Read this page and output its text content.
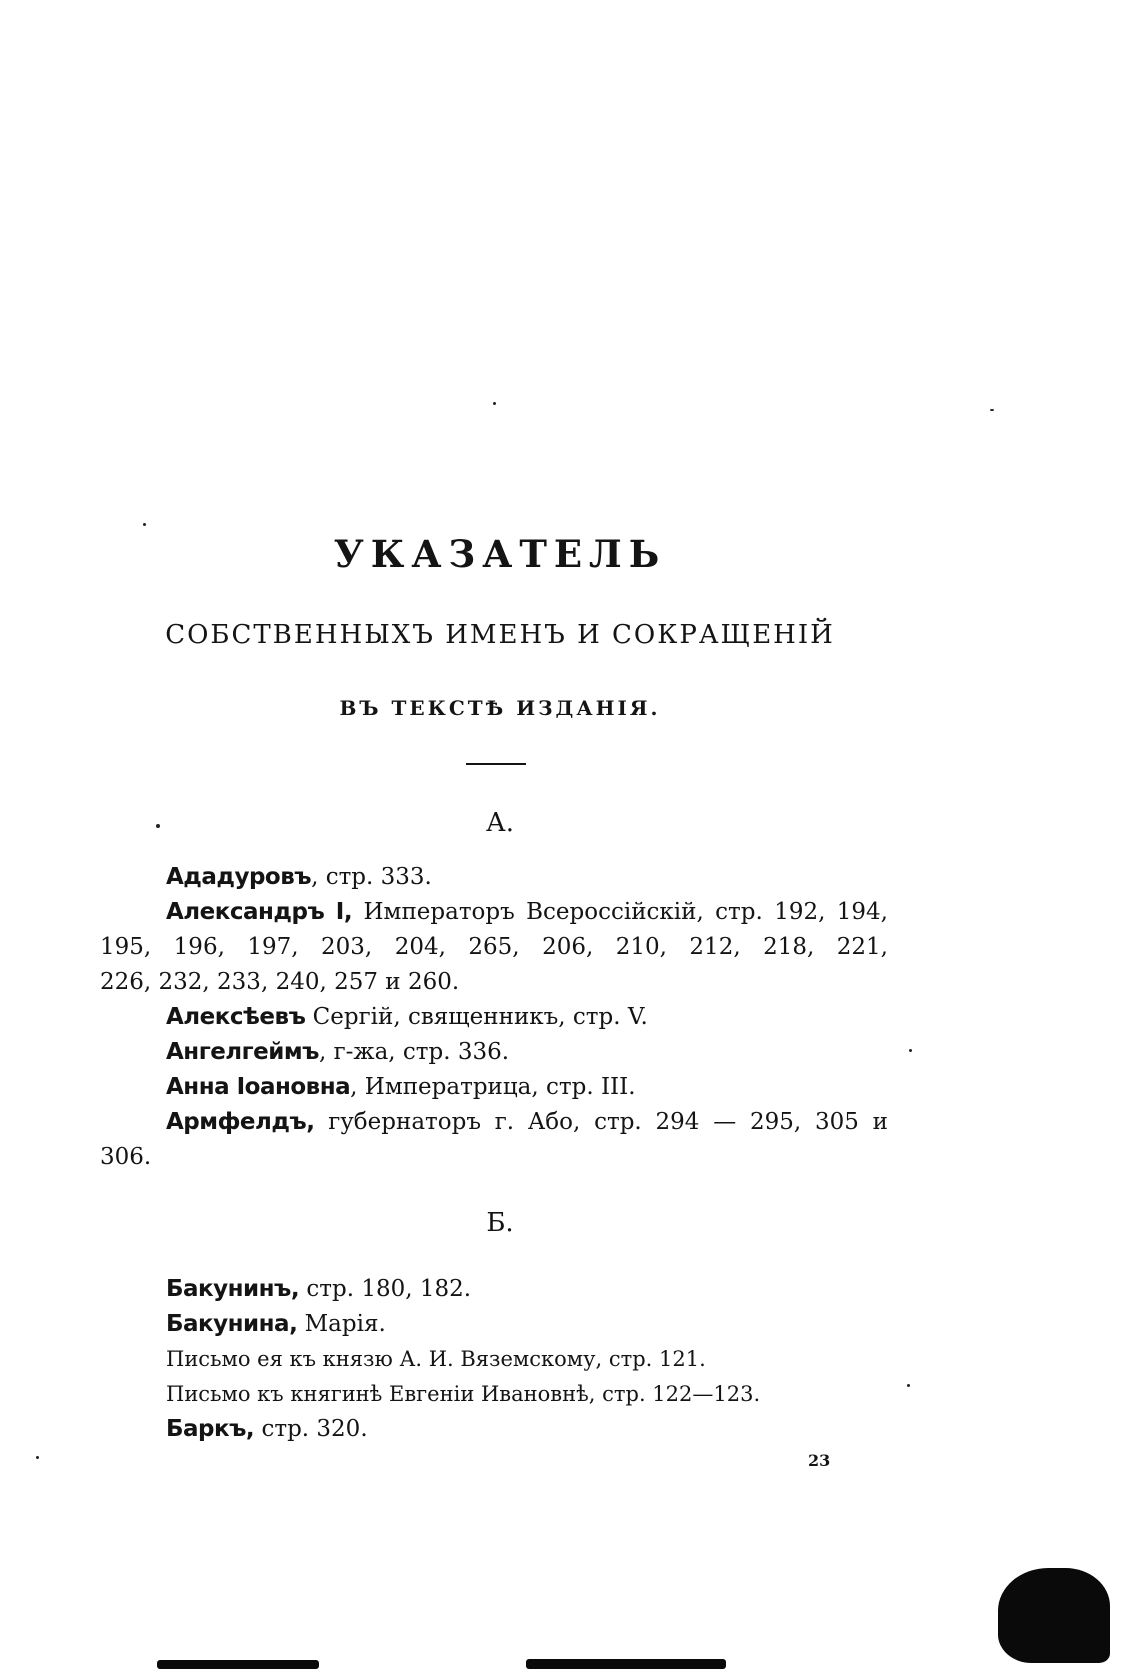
УКАЗАТЕЛЬ
СОБСТВЕННЫХЪ ИМЕНЪ И СОКРАЩЕНІЙ
ВЪ ТЕКСТѢ ИЗДАНІЯ.
А.
Ададуровъ, стр. 333.
Александръ I, Императоръ Всероссійскій, стр. 192, 194,
195, 196, 197, 203, 204, 265, 206, 210, 212, 218, 221,
226, 232, 233, 240, 257 и 260.
Алексѣевъ Сергій, священникъ, стр. V.
Ангелгеймъ, г-жа, стр. 336.
Анна Іоановна, Императрица, стр. III.
Армфелдъ, губернаторъ г. Або, стр. 294 — 295, 305 и
306.
Б.
Бакунинъ, стр. 180, 182.
Бакунина, Марія.
Письмо ея къ князю А. И. Вяземскому, стр. 121.
Письмо къ княгинѣ Евгеніи Ивановнѣ, стр. 122—123.
Баркъ, стр. 320.
23
